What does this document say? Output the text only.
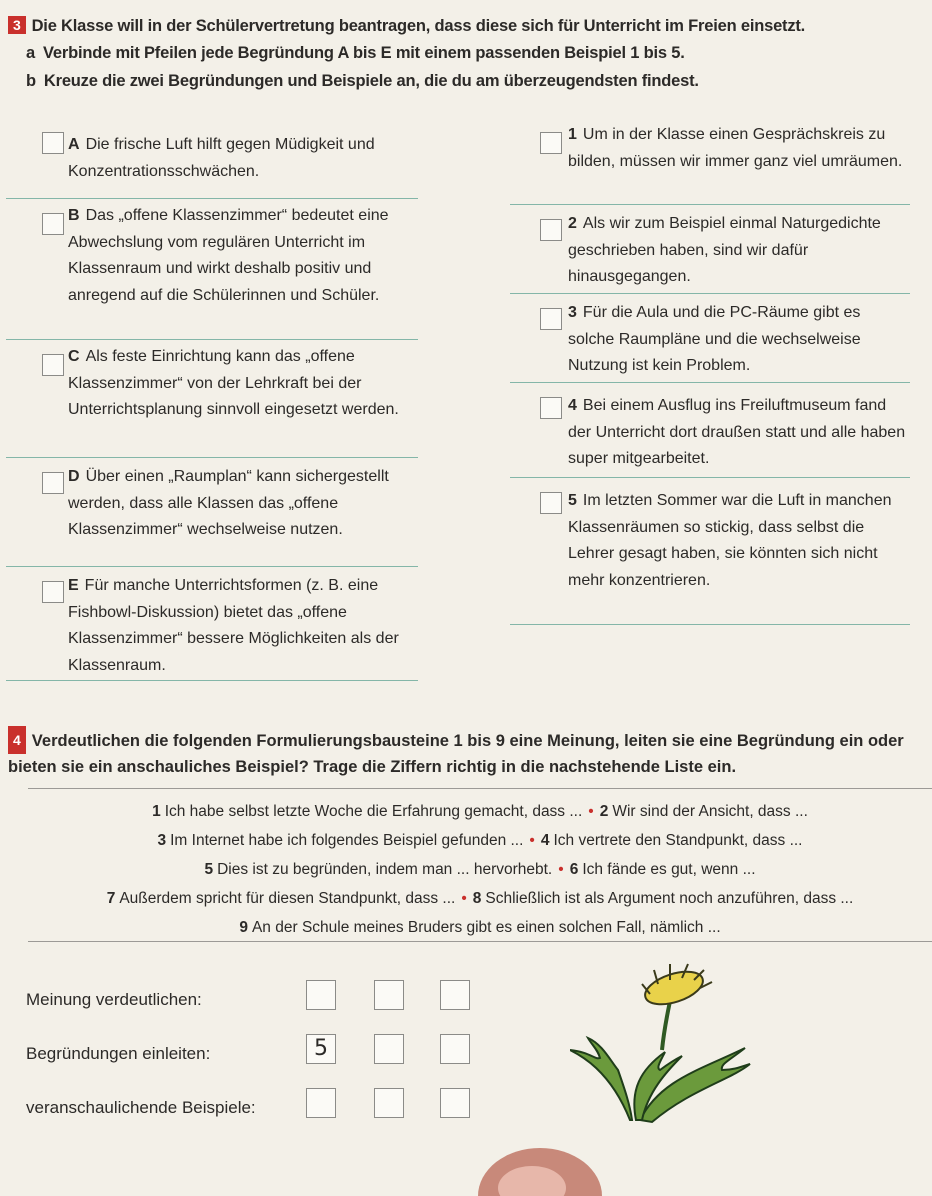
3 Die Klasse will in der Schülervertretung beantragen, dass diese sich für Unterricht im Freien einsetzt.
a Verbinde mit Pfeilen jede Begründung A bis E mit einem passenden Beispiel 1 bis 5.
b Kreuze die zwei Begründungen und Beispiele an, die du am überzeugendsten findest.
A Die frische Luft hilft gegen Müdigkeit und Konzentrationsschwächen.
B Das „offene Klassenzimmer“ bedeutet eine Abwechslung vom regulären Unterricht im Klassenraum und wirkt deshalb positiv und anregend auf die Schülerinnen und Schüler.
C Als feste Einrichtung kann das „offene Klassenzimmer“ von der Lehrkraft bei der Unterrichtsplanung sinnvoll eingesetzt werden.
D Über einen „Raumplan“ kann sichergestellt werden, dass alle Klassen das „offene Klassenzimmer“ wechselweise nutzen.
E Für manche Unterrichtsformen (z. B. eine Fishbowl-Diskussion) bietet das „offene Klassenzimmer“ bessere Möglichkeiten als der Klassenraum.
1 Um in der Klasse einen Gesprächskreis zu bilden, müssen wir immer ganz viel umräumen.
2 Als wir zum Beispiel einmal Naturgedichte geschrieben haben, sind wir dafür hinausgegangen.
3 Für die Aula und die PC-Räume gibt es solche Raumpläne und die wechselweise Nutzung ist kein Problem.
4 Bei einem Ausflug ins Freiluftmuseum fand der Unterricht dort draußen statt und alle haben super mitgearbeitet.
5 Im letzten Sommer war die Luft in manchen Klassenräumen so stickig, dass selbst die Lehrer gesagt haben, sie könnten sich nicht mehr konzentrieren.
4 Verdeutlichen die folgenden Formulierungsbausteine 1 bis 9 eine Meinung, leiten sie eine Begründung ein oder bieten sie ein anschauliches Beispiel? Trage die Ziffern richtig in die nachstehende Liste ein.
1 Ich habe selbst letzte Woche die Erfahrung gemacht, dass ... • 2 Wir sind der Ansicht, dass ...
3 Im Internet habe ich folgendes Beispiel gefunden ... • 4 Ich vertrete den Standpunkt, dass ...
5 Dies ist zu begründen, indem man ... hervorhebt. • 6 Ich fände es gut, wenn ...
7 Außerdem spricht für diesen Standpunkt, dass ... • 8 Schließlich ist als Argument noch anzuführen, dass ...
9 An der Schule meines Bruders gibt es einen solchen Fall, nämlich ...
Meinung verdeutlichen:
Begründungen einleiten:	5
veranschaulichende Beispiele:
